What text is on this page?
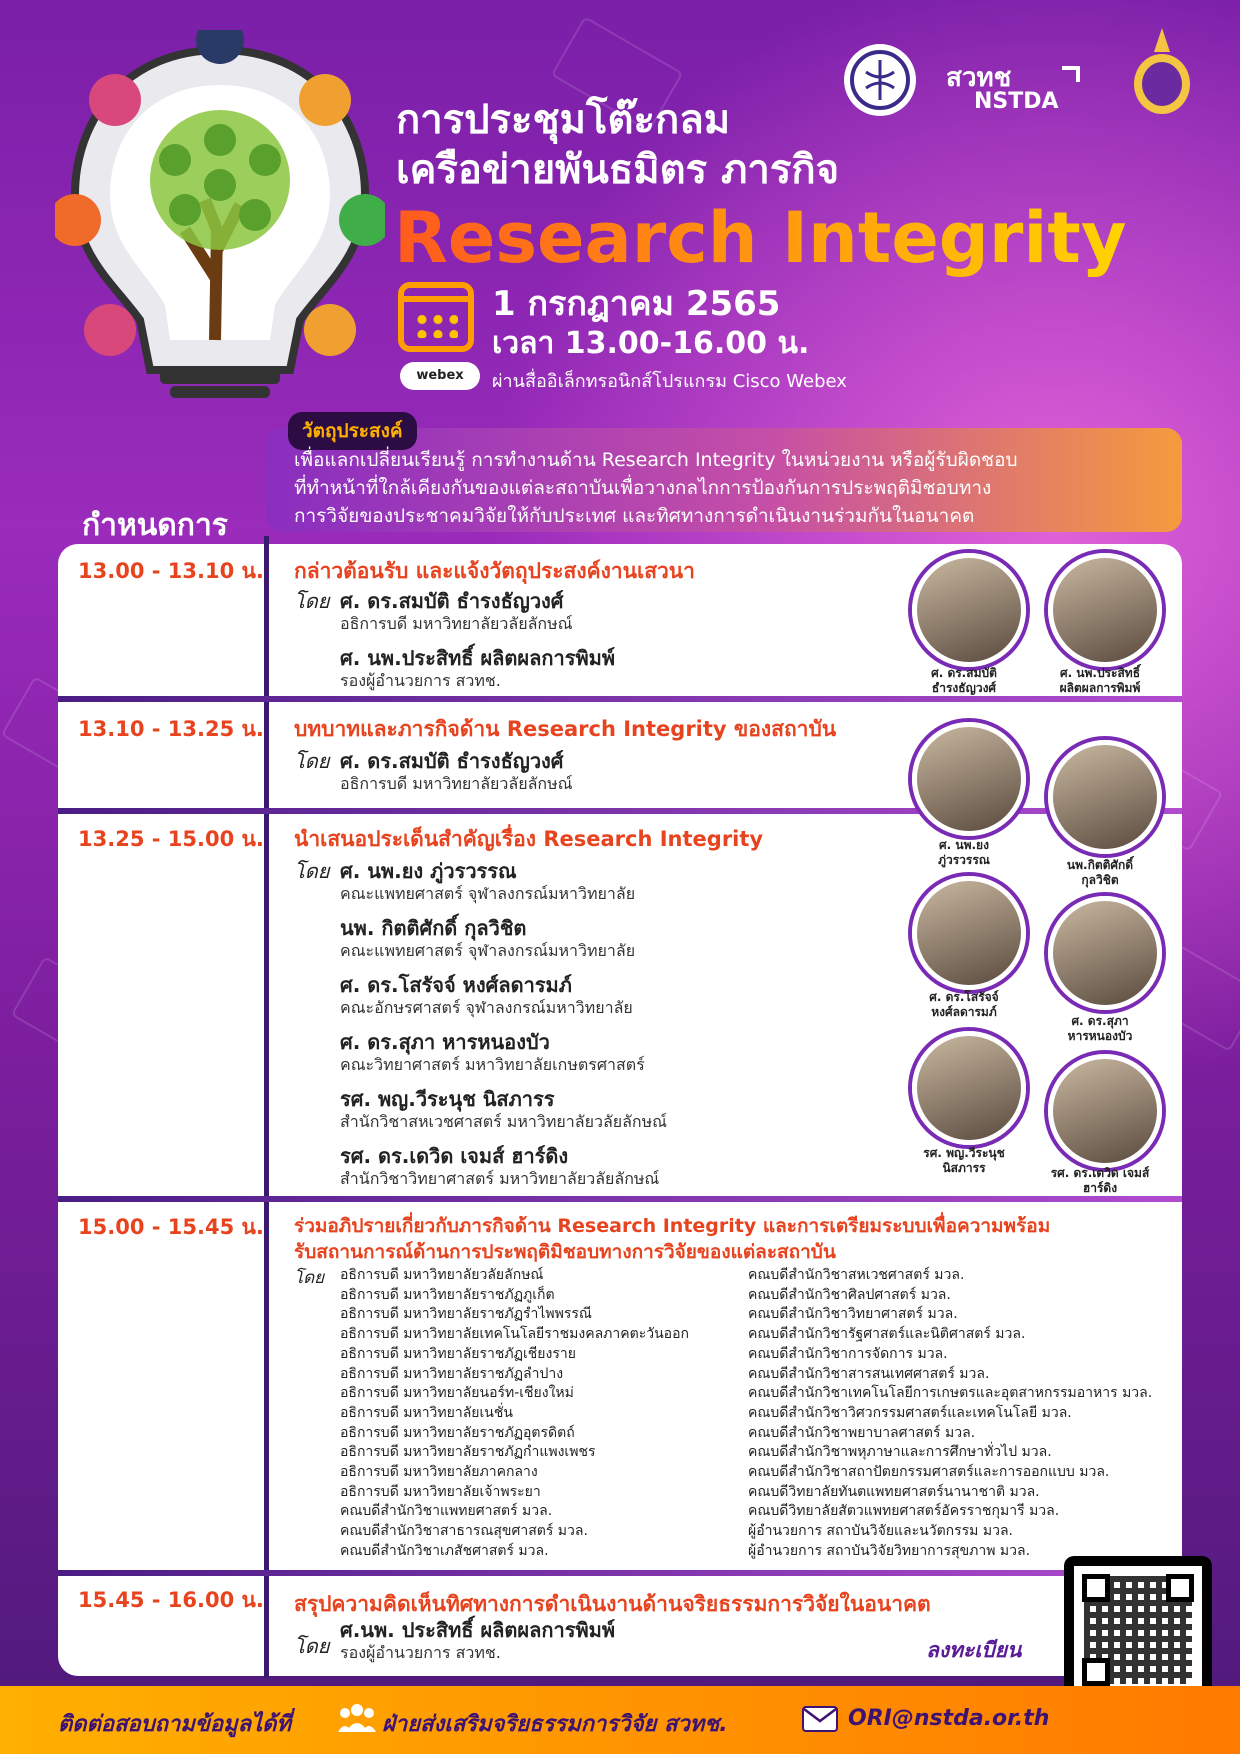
สวทช
NSTDA
การประชุมโต๊ะกลม
เครือข่ายพันธมิตร ภารกิจ
Research Integrity
1 กรกฎาคม 2565
เวลา 13.00-16.00 น.
webex	ผ่านสื่ออิเล็กทรอนิกส์โปรแกรม Cisco Webex
วัตถุประสงค์
เพื่อแลกเปลี่ยนเรียนรู้ การทำงานด้าน Research Integrity ในหน่วยงาน หรือผู้รับผิดชอบ
ที่ทำหน้าที่ใกล้เคียงกันของแต่ละสถาบันเพื่อวางกลไกการป้องกันการประพฤติมิชอบทาง
การวิจัยของประชาคมวิจัยให้กับประเทศ และทิศทางการดำเนินงานร่วมกันในอนาคต
กำหนดการ
13.00 - 13.10 น. กล่าวต้อนรับ และแจ้งวัตถุประสงค์งานเสวนา
โดย ศ. ดร.สมบัติ ธำรงธัญวงศ์
อธิการบดี มหาวิทยาลัยวลัยลักษณ์
ศ. นพ.ประสิทธิ์ ผลิตผลการพิมพ์
รองผู้อำนวยการ สวทช.
13.10 - 13.25 น. บทบาทและภารกิจด้าน Research Integrity ของสถาบัน
โดย ศ. ดร.สมบัติ ธำรงธัญวงศ์
อธิการบดี มหาวิทยาลัยวลัยลักษณ์
13.25 - 15.00 น. นำเสนอประเด็นสำคัญเรื่อง Research Integrity
โดย ศ. นพ.ยง ภู่วรวรรณ
คณะแพทยศาสตร์ จุฬาลงกรณ์มหาวิทยาลัย
นพ. กิตติศักดิ์ กุลวิชิต
คณะแพทยศาสตร์ จุฬาลงกรณ์มหาวิทยาลัย
ศ. ดร.โสรัจจ์ หงศ์ลดารมภ์
คณะอักษรศาสตร์ จุฬาลงกรณ์มหาวิทยาลัย
ศ. ดร.สุภา หารหนองบัว
คณะวิทยาศาสตร์ มหาวิทยาลัยเกษตรศาสตร์
รศ. พญ.วีระนุช นิสภารร
สำนักวิชาสหเวชศาสตร์ มหาวิทยาลัยวลัยลักษณ์
รศ. ดร.เดวิด เจมส์ ฮาร์ดิง
สำนักวิชาวิทยาศาสตร์ มหาวิทยาลัยวลัยลักษณ์
15.00 - 15.45 น. ร่วมอภิปรายเกี่ยวกับภารกิจด้าน Research Integrity และการเตรียมระบบเพื่อความพร้อม
รับสถานการณ์ด้านการประพฤติมิชอบทางการวิจัยของแต่ละสถาบัน
โดย อธิการบดี มหาวิทยาลัยวลัยลักษณ์
อธิการบดี มหาวิทยาลัยราชภัฏภูเก็ต
อธิการบดี มหาวิทยาลัยราชภัฏรำไพพรรณี
อธิการบดี มหาวิทยาลัยเทคโนโลยีราชมงคลภาคตะวันออก
อธิการบดี มหาวิทยาลัยราชภัฏเชียงราย
อธิการบดี มหาวิทยาลัยราชภัฏลำปาง
อธิการบดี มหาวิทยาลัยนอร์ท-เชียงใหม่
อธิการบดี มหาวิทยาลัยเนชั่น
อธิการบดี มหาวิทยาลัยราชภัฏอุตรดิตถ์
อธิการบดี มหาวิทยาลัยราชภัฏกำแพงเพชร
อธิการบดี มหาวิทยาลัยภาคกลาง
อธิการบดี มหาวิทยาลัยเจ้าพระยา
คณบดีสำนักวิชาแพทยศาสตร์ มวล.
คณบดีสำนักวิชาสาธารณสุขศาสตร์ มวล.
คณบดีสำนักวิชาเภสัชศาสตร์ มวล.
คณบดีสำนักวิชาสหเวชศาสตร์ มวล.
คณบดีสำนักวิชาศิลปศาสตร์ มวล.
คณบดีสำนักวิชาวิทยาศาสตร์ มวล.
คณบดีสำนักวิชารัฐศาสตร์และนิติศาสตร์ มวล.
คณบดีสำนักวิชาการจัดการ มวล.
คณบดีสำนักวิชาสารสนเทศศาสตร์ มวล.
คณบดีสำนักวิชาเทคโนโลยีการเกษตรและอุตสาหกรรมอาหาร มวล.
คณบดีสำนักวิชาวิศวกรรมศาสตร์และเทคโนโลยี มวล.
คณบดีสำนักวิชาพยาบาลศาสตร์ มวล.
คณบดีสำนักวิชาพหุภาษาและการศึกษาทั่วไป มวล.
คณบดีสำนักวิชาสถาปัตยกรรมศาสตร์และการออกแบบ มวล.
คณบดีวิทยาลัยทันตแพทยศาสตร์นานาชาติ มวล.
คณบดีวิทยาลัยสัตวแพทยศาสตร์อัครราชกุมารี มวล.
ผู้อำนวยการ สถาบันวิจัยและนวัตกรรม มวล.
ผู้อำนวยการ สถาบันวิจัยวิทยาการสุขภาพ มวล.
15.45 - 16.00 น. สรุปความคิดเห็นทิศทางการดำเนินงานด้านจริยธรรมการวิจัยในอนาคต
ศ.นพ. ประสิทธิ์ ผลิตผลการพิมพ์
โดย รองผู้อำนวยการ สวทช.
ศ. ดร.สมบัติ
ธำรงธัญวงศ์
ศ. นพ.ประสิทธิ์
ผลิตผลการพิมพ์
ศ. นพ.ยง
ภู่วรวรรณ	นพ.กิตติศักดิ์
กุลวิชิต
ศ. ดร.โสรัจจ์
หงศ์ลดารมภ์
ศ. ดร.สุภา
หารหนองบัว
รศ. พญ.วีระนุช
นิสภารร	รศ. ดร.เดวิด เจมส์
ฮาร์ดิง
ลงทะเบียน
ติดต่อสอบถามข้อมูลได้ที่	ฝ่ายส่งเสริมจริยธรรมการวิจัย สวทช.	ORI@nstda.or.th
